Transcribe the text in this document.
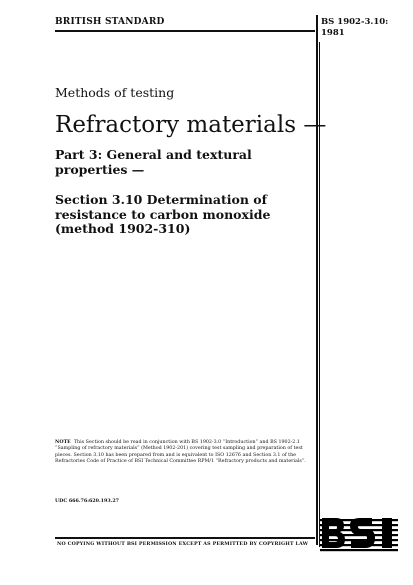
BRITISH STANDARD	BS 1902-3.10:
1981
Methods of testing
Refractory materials —
Part 3: General and textural properties —
Section 3.10 Determination of resistance to carbon monoxide (method 1902-310)
NOTE This Section should be read in conjunction with BS 1902-3.0 “Introduction” and BS 1902-2.1 “Sampling of refractory materials” (Method 1902-201) covering test sampling and preparation of test pieces. Section 3.10 has been prepared from and is equivalent to ISO 12676 and Section 3.1 of the Refractories Code of Practice of BSI Technical Committee RPM/1 “Refractory products and materials”.
UDC 666.76:620.193.27
NO COPYING WITHOUT BSI PERMISSION EXCEPT AS PERMITTED BY COPYRIGHT LAW
